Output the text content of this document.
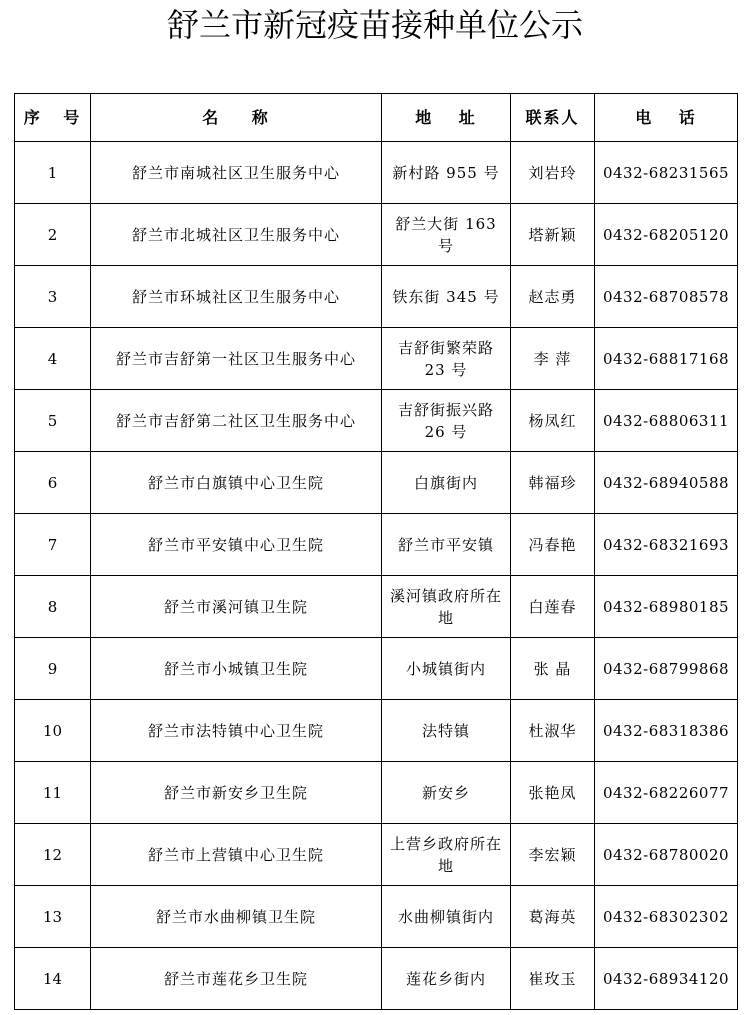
舒兰市新冠疫苗接种单位公示
序 号	名 称	地 址	联系人	电 话
1	舒兰市南城社区卫生服务中心	新村路 955 号	刘岩玲	0432-68231565
2	舒兰市北城社区卫生服务中心	舒兰大街 163 号	塔新颖	0432-68205120
3	舒兰市环城社区卫生服务中心	铁东街 345 号	赵志勇	0432-68708578
4	舒兰市吉舒第一社区卫生服务中心	吉舒街繁荣路 23 号	李 萍	0432-68817168
5	舒兰市吉舒第二社区卫生服务中心	吉舒街振兴路 26 号	杨凤红	0432-68806311
6	舒兰市白旗镇中心卫生院	白旗街内	韩福珍	0432-68940588
7	舒兰市平安镇中心卫生院	舒兰市平安镇	冯春艳	0432-68321693
8	舒兰市溪河镇卫生院	溪河镇政府所在地	白莲春	0432-68980185
9	舒兰市小城镇卫生院	小城镇街内	张 晶	0432-68799868
10	舒兰市法特镇中心卫生院	法特镇	杜淑华	0432-68318386
11	舒兰市新安乡卫生院	新安乡	张艳凤	0432-68226077
12	舒兰市上营镇中心卫生院	上营乡政府所在地	李宏颖	0432-68780020
13	舒兰市水曲柳镇卫生院	水曲柳镇街内	葛海英	0432-68302302
14	舒兰市莲花乡卫生院	莲花乡街内	崔玫玉	0432-68934120
